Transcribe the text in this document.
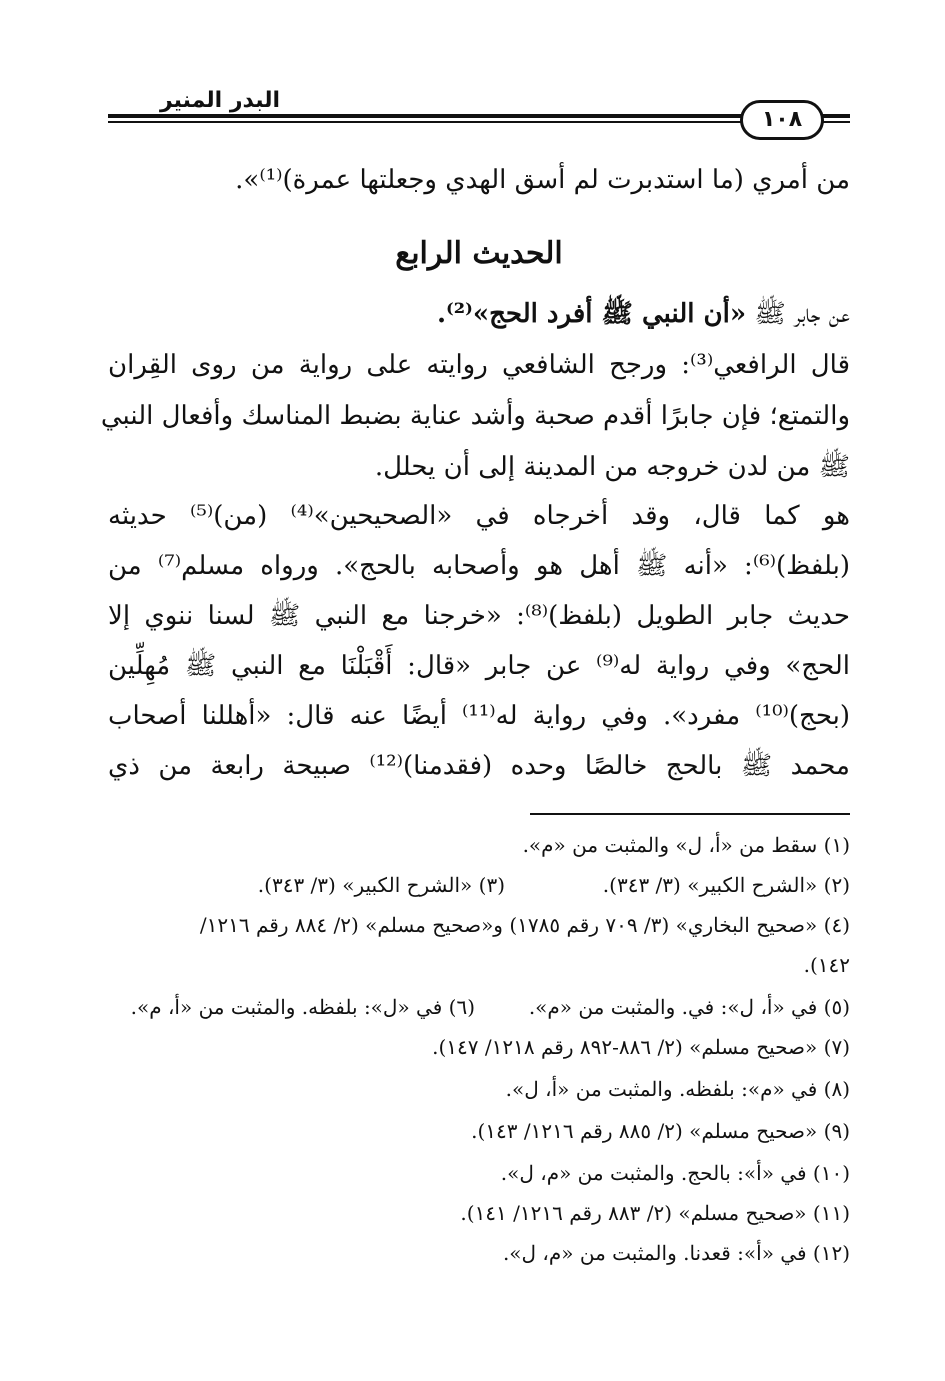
البدر المنير
١٠٨
من أمري (ما استدبرت لم أسق الهدي وجعلتها عمرة)⁽¹⁾».
الحديث الرابع
عن جابر ﷺ «أن النبي ﷺ أفرد الحج»⁽²⁾.
قال الرافعي⁽³⁾: ورجح الشافعي روايته على رواية من روى القِران
والتمتع؛ فإن جابرًا أقدم صحبة وأشد عناية بضبط المناسك وأفعال النبي
ﷺ من لدن خروجه من المدينة إلى أن يحلل.
هو كما قال، وقد أخرجاه في «الصحيحين»⁽⁴⁾ (من)⁽⁵⁾ حديثه
(بلفظ)⁽⁶⁾: «أنه ﷺ أهل هو وأصحابه بالحج». ورواه مسلم⁽⁷⁾ من
حديث جابر الطويل (بلفظ)⁽⁸⁾: «خرجنا مع النبي ﷺ لسنا ننوي إلا
الحج» وفي رواية له⁽⁹⁾ عن جابر «قال: أَقْبَلْنَا مع النبي ﷺ مُهِلِّين
(بحج)⁽¹⁰⁾ مفرد». وفي رواية له⁽¹¹⁾ أيضًا عنه قال: «أهللنا أصحاب
محمد ﷺ بالحج خالصًا وحده (فقدمنا)⁽¹²⁾ صبيحة رابعة من ذي
(١) سقط من «أ، ل» والمثبت من «م».
(٢) «الشرح الكبير» (٣/ ٣٤٣).
(٣) «الشرح الكبير» (٣/ ٣٤٣).
(٤) «صحيح البخاري» (٣/ ٧٠٩ رقم ١٧٨٥) و«صحيح مسلم» (٢/ ٨٨٤ رقم ١٢١٦/
١٤٢).
(٥) في «أ، ل»: في. والمثبت من «م».
(٦) في «ل»: بلفظه. والمثبت من «أ، م».
(٧) «صحيح مسلم» (٢/ ٨٨٦-٨٩٢ رقم ١٢١٨/ ١٤٧).
(٨) في «م»: بلفظه. والمثبت من «أ، ل».
(٩) «صحيح مسلم» (٢/ ٨٨٥ رقم ١٢١٦/ ١٤٣).
(١٠) في «أ»: بالحج. والمثبت من «م، ل».
(١١) «صحيح مسلم» (٢/ ٨٨٣ رقم ١٢١٦/ ١٤١).
(١٢) في «أ»: قعدنا. والمثبت من «م، ل».
